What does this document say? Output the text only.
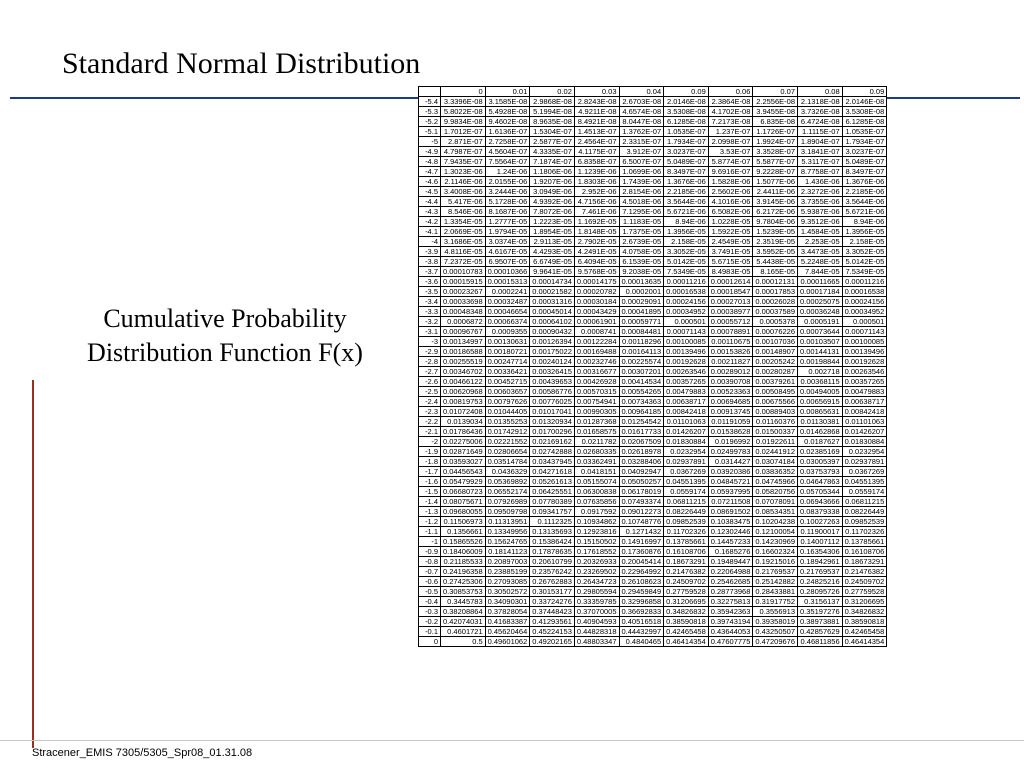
Standard Normal Distribution
Cumulative Probability
Distribution Function F(x)
	0	0.01	0.02	0.03	0.04	0.09	0.06	0.07	0.08	0.09
-5.4	3.3396E-08	3.1585E-08	2.9868E-08	2.8243E-08	2.6703E-08	2.0146E-08	2.3864E-08	2.2556E-08	2.1318E-08	2.0146E-08
-5.3	5.8022E-08	5.4928E-08	5.1994E-08	4.9211E-08	4.6574E-08	3.5308E-08	4.1702E-08	3.9455E-08	3.7326E-08	3.5308E-08
-5.2	9.9834E-08	9.4602E-08	8.9635E-08	8.4921E-08	8.0447E-08	6.1285E-08	7.2173E-08	6.835E-08	6.4724E-08	6.1285E-08
-5.1	1.7012E-07	1.6136E-07	1.5304E-07	1.4513E-07	1.3762E-07	1.0535E-07	1.237E-07	1.1726E-07	1.1115E-07	1.0535E-07
-5	2.871E-07	2.7258E-07	2.5877E-07	2.4564E-07	2.3315E-07	1.7934E-07	2.0998E-07	1.9924E-07	1.8904E-07	1.7934E-07
-4.9	4.7987E-07	4.5604E-07	4.3335E-07	4.1175E-07	3.912E-07	3.0237E-07	3.53E-07	3.3528E-07	3.1841E-07	3.0237E-07
-4.8	7.9435E-07	7.5564E-07	7.1874E-07	6.8358E-07	6.5007E-07	5.0489E-07	5.8774E-07	5.5877E-07	5.3117E-07	5.0489E-07
-4.7	1.3023E-06	1.24E-06	1.1806E-06	1.1239E-06	1.0699E-06	8.3497E-07	9.6916E-07	9.2228E-07	8.7758E-07	8.3497E-07
-4.6	2.1146E-06	2.0155E-06	1.9207E-06	1.8303E-06	1.7439E-06	1.3676E-06	1.5828E-06	1.5077E-06	1.436E-06	1.3676E-06
-4.5	3.4008E-06	3.2444E-06	3.0949E-06	2.952E-06	2.8154E-06	2.2185E-06	2.5602E-06	2.4411E-06	2.3272E-06	2.2185E-06
-4.4	5.417E-06	5.1728E-06	4.9392E-06	4.7156E-06	4.5018E-06	3.5644E-06	4.1016E-06	3.9145E-06	3.7355E-06	3.5644E-06
-4.3	8.546E-06	8.1687E-06	7.8072E-06	7.461E-06	7.1295E-06	5.6721E-06	6.5082E-06	6.2172E-06	5.9387E-06	5.6721E-06
-4.2	1.3354E-05	1.2777E-05	1.2223E-05	1.1692E-05	1.1183E-05	8.94E-06	1.0228E-05	9.7804E-06	9.3512E-06	8.94E-06
-4.1	2.0669E-05	1.9794E-05	1.8954E-05	1.8148E-05	1.7375E-05	1.3956E-05	1.5922E-05	1.5239E-05	1.4584E-05	1.3956E-05
-4	3.1686E-05	3.0374E-05	2.9113E-05	2.7902E-05	2.6739E-05	2.158E-05	2.4549E-05	2.3519E-05	2.253E-05	2.158E-05
-3.9	4.8116E-05	4.6167E-05	4.4293E-05	4.2491E-05	4.0758E-05	3.3052E-05	3.7491E-05	3.5952E-05	3.4473E-05	3.3052E-05
-3.8	7.2372E-05	6.9507E-05	6.6749E-05	6.4094E-05	6.1539E-05	5.0142E-05	5.6715E-05	5.4438E-05	5.2248E-05	5.0142E-05
-3.7	0.00010783	0.00010366	9.9641E-05	9.5768E-05	9.2038E-05	7.5349E-05	8.4983E-05	8.165E-05	7.844E-05	7.5349E-05
-3.6	0.00015915	0.00015313	0.00014734	0.00014175	0.00013635	0.00011216	0.00012614	0.00012131	0.00011665	0.00011216
-3.5	0.00023267	0.0002241	0.00021582	0.00020782	0.0002001	0.00016538	0.00018547	0.00017853	0.00017184	0.00016538
-3.4	0.00033698	0.00032487	0.00031316	0.00030184	0.00029091	0.00024156	0.00027013	0.00026028	0.00025075	0.00024156
-3.3	0.00048348	0.00046654	0.00045014	0.00043429	0.00041895	0.00034952	0.00038977	0.00037589	0.00036248	0.00034952
-3.2	0.0006872	0.00066374	0.00064102	0.00061901	0.00059771	0.000501	0.00055712	0.0005378	0.0005191	0.000501
-3.1	0.00096767	0.0009355	0.00090432	0.0008741	0.00084481	0.00071143	0.00078891	0.00076226	0.00073644	0.00071143
-3	0.00134997	0.00130631	0.00126394	0.00122284	0.00118296	0.00100085	0.00110675	0.00107036	0.00103507	0.00100085
-2.9	0.00186588	0.00180721	0.00175022	0.00169488	0.00164113	0.00139496	0.00153826	0.00148907	0.00144131	0.00139496
-2.8	0.00255519	0.00247714	0.00240124	0.00232746	0.00225574	0.00192628	0.00211827	0.00205242	0.00198844	0.00192628
-2.7	0.00346702	0.00336421	0.00326415	0.00316677	0.00307201	0.00263546	0.00289012	0.00280287	0.002718	0.00263546
-2.6	0.00466122	0.00452715	0.00439653	0.00426928	0.00414534	0.00357265	0.00390708	0.00379261	0.00368115	0.00357265
-2.5	0.00620968	0.00603657	0.00586776	0.00570315	0.00554265	0.00479883	0.00523363	0.00508495	0.00494005	0.00479883
-2.4	0.00819753	0.00797626	0.00776025	0.00754941	0.00734363	0.00638717	0.00694685	0.00675566	0.00656915	0.00638717
-2.3	0.01072408	0.01044405	0.01017041	0.00990305	0.00964185	0.00842418	0.00913745	0.00889403	0.00865631	0.00842418
-2.2	0.0139034	0.01355253	0.01320934	0.01287368	0.01254542	0.01101063	0.01191059	0.01160376	0.01130381	0.01101063
-2.1	0.01786436	0.01742912	0.01700296	0.01658575	0.01617733	0.01426207	0.01538628	0.01500337	0.01462868	0.01426207
-2	0.02275006	0.02221552	0.02169162	0.0211782	0.02067509	0.01830884	0.0196992	0.01922611	0.0187627	0.01830884
-1.9	0.02871649	0.02806654	0.02742888	0.02680335	0.02618978	0.0232954	0.02499783	0.02441912	0.02385169	0.0232954
-1.8	0.03593027	0.03514784	0.03437945	0.03362491	0.03288406	0.02937891	0.0314427	0.03074184	0.03005397	0.02937891
-1.7	0.04456543	0.0436329	0.04271618	0.0418151	0.04092947	0.0367269	0.03920386	0.03836352	0.03753793	0.0367269
-1.6	0.05479929	0.05369892	0.05261613	0.05155074	0.05050257	0.04551395	0.04845721	0.04745966	0.04647863	0.04551395
-1.5	0.06680723	0.06552174	0.06425551	0.06300838	0.06178019	0.0559174	0.05937995	0.05820756	0.05705344	0.0559174
-1.4	0.08075671	0.07926989	0.07780389	0.07635856	0.07493374	0.06811215	0.07211508	0.07078091	0.06943666	0.06811215
-1.3	0.09680055	0.09509798	0.09341757	0.0917592	0.09012273	0.08226449	0.08691502	0.08534351	0.08379338	0.08226449
-1.2	0.11506973	0.11313951	0.1112325	0.10934862	0.10748776	0.09852539	0.10383475	0.10204238	0.10027263	0.09852539
-1.1	0.1356661	0.13349956	0.13135693	0.12923816	0.1271432	0.11702326	0.12302446	0.12100054	0.11900017	0.11702326
-1	0.15865526	0.15624765	0.15386424	0.15150502	0.14916997	0.13785661	0.14457233	0.14230969	0.14007112	0.13785661
-0.9	0.18406009	0.18141123	0.17878635	0.17618552	0.17360876	0.16108706	0.1685276	0.16602324	0.16354306	0.16108706
-0.8	0.21185533	0.20897003	0.20610799	0.20326933	0.20045414	0.18673291	0.19489447	0.19215016	0.18942961	0.18673291
-0.7	0.24196358	0.23885199	0.23576242	0.23269502	0.22964992	0.21476382	0.22064988	0.21769537	0.21769537	0.21476382
-0.6	0.27425306	0.27093085	0.26762883	0.26434723	0.26108623	0.24509702	0.25462685	0.25142882	0.24825216	0.24509702
-0.5	0.30853753	0.30502572	0.30153177	0.29805594	0.29459849	0.27759528	0.28773968	0.28433881	0.28095726	0.27759528
-0.4	0.3445783	0.34090301	0.33724276	0.33359785	0.32996858	0.31206695	0.32275813	0.31917752	0.3156137	0.31206695
-0.3	0.38208864	0.37828054	0.37448423	0.37070005	0.36692833	0.34826832	0.35942363	0.3556913	0.35197276	0.34826832
-0.2	0.42074031	0.41683387	0.41293561	0.40904593	0.40516518	0.38590818	0.39743194	0.39358019	0.38973881	0.38590818
-0.1	0.4601721	0.45620464	0.45224153	0.44828318	0.44432997	0.42465458	0.43644053	0.43250507	0.42857629	0.42465458
0	0.5	0.49601062	0.49202165	0.48803347	0.4840465	0.46414354	0.47607775	0.47209676	0.46811856	0.46414354
Stracener_EMIS 7305/5305_Spr08_01.31.08
